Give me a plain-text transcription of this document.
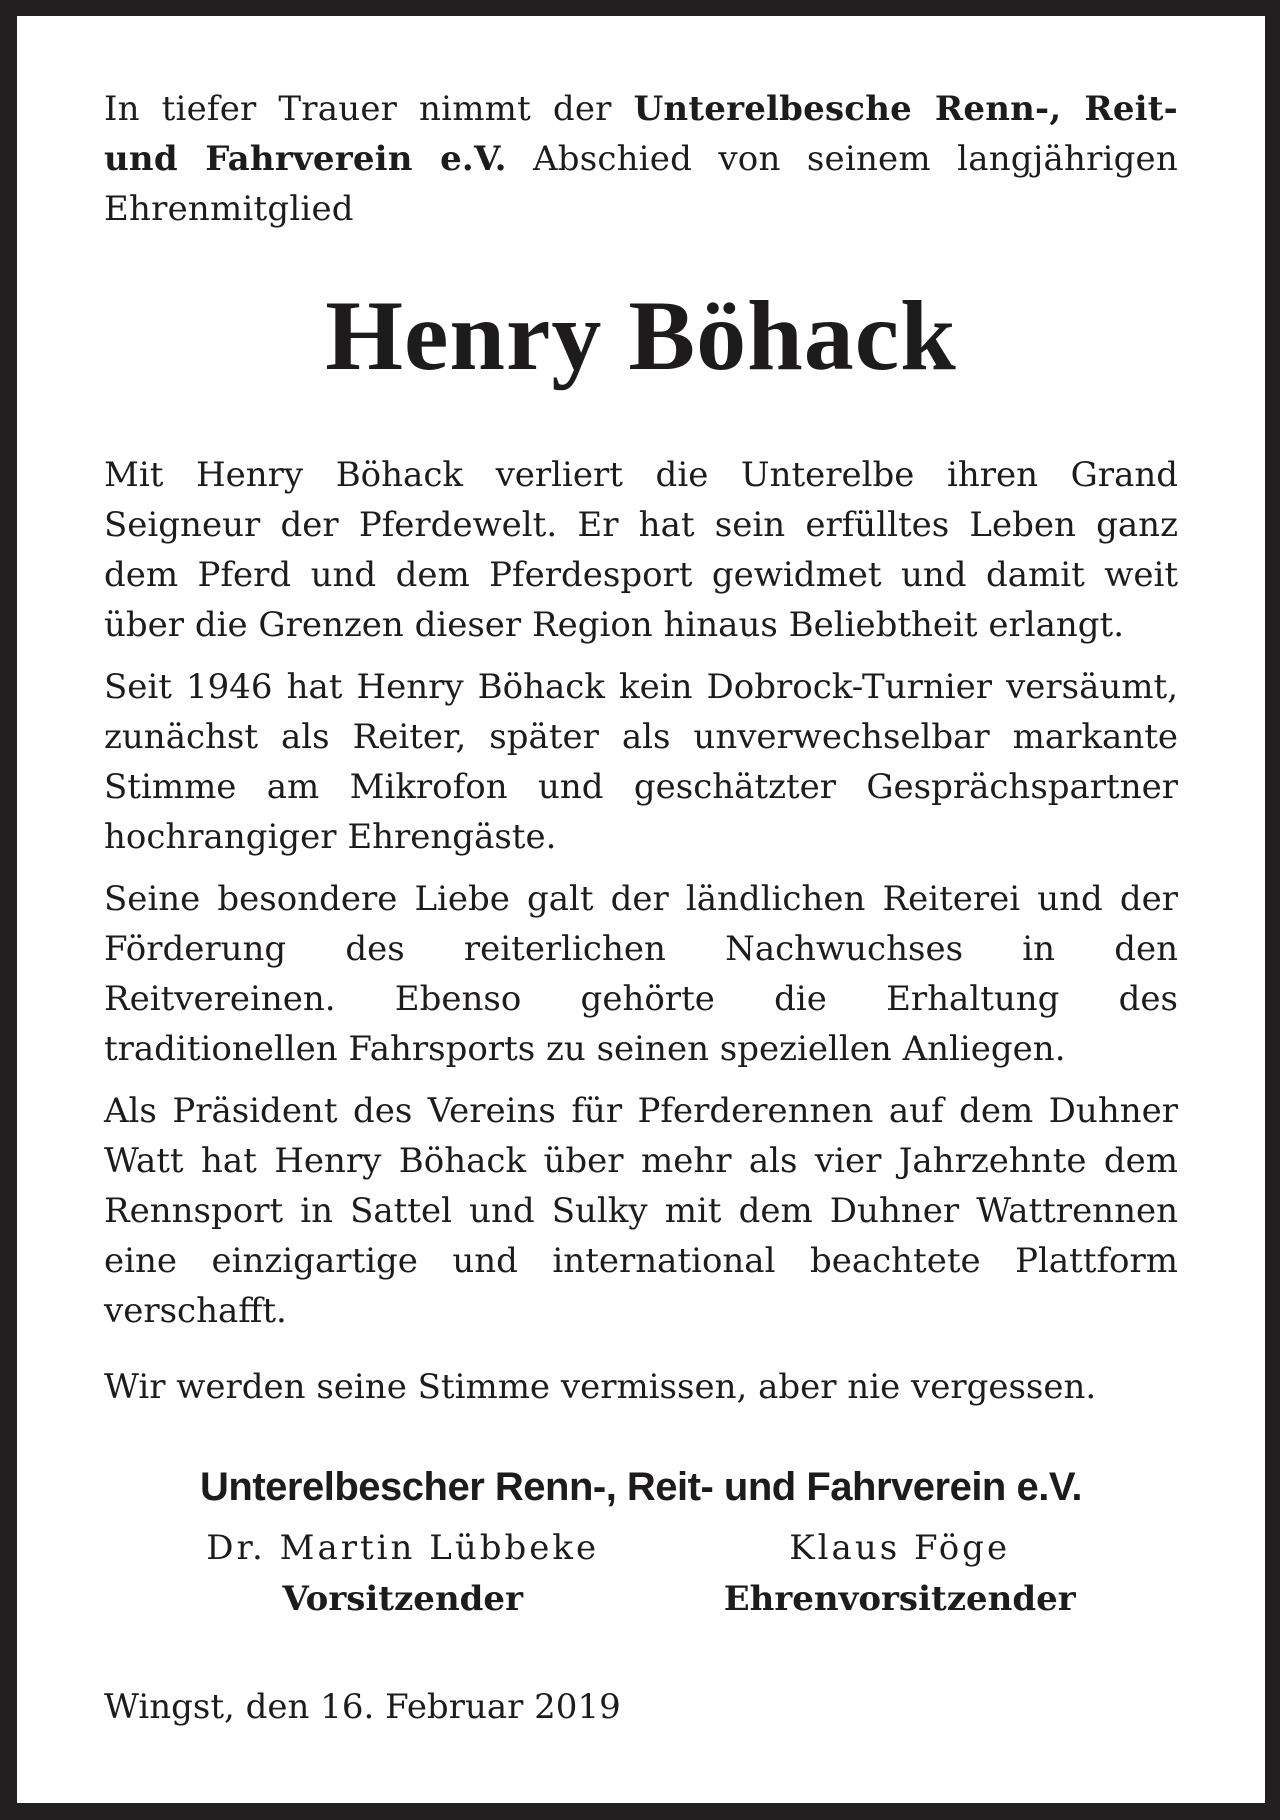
In tiefer Trauer nimmt der Unterelbesche Renn-, Reit- und Fahrverein e.V. Abschied von seinem langjährigen Ehrenmitglied

Henry Böhack

Mit Henry Böhack verliert die Unterelbe ihren Grand Seigneur der Pferdewelt. Er hat sein erfülltes Leben ganz dem Pferd und dem Pferdesport gewidmet und damit weit über die Grenzen dieser Region hinaus Beliebtheit erlangt.

Seit 1946 hat Henry Böhack kein Dobrock-Turnier versäumt, zunächst als Reiter, später als unverwechselbar markante Stimme am Mikrofon und geschätzter Gesprächspartner hochrangiger Ehrengäste.

Seine besondere Liebe galt der ländlichen Reiterei und der Förderung des reiterlichen Nachwuchses in den Reitvereinen. Ebenso gehörte die Erhaltung des traditionellen Fahrsports zu seinen speziellen Anliegen.

Als Präsident des Vereins für Pferderennen auf dem Duhner Watt hat Henry Böhack über mehr als vier Jahrzehnte dem Rennsport in Sattel und Sulky mit dem Duhner Wattrennen eine einzigartige und international beachtete Plattform verschafft.

Wir werden seine Stimme vermissen, aber nie vergessen.

Unterelbescher Renn-, Reit- und Fahrverein e.V.
Dr. Martin Lübbeke
Vorsitzender
Klaus Föge
Ehrenvorsitzender
Wingst, den 16. Februar 2019
